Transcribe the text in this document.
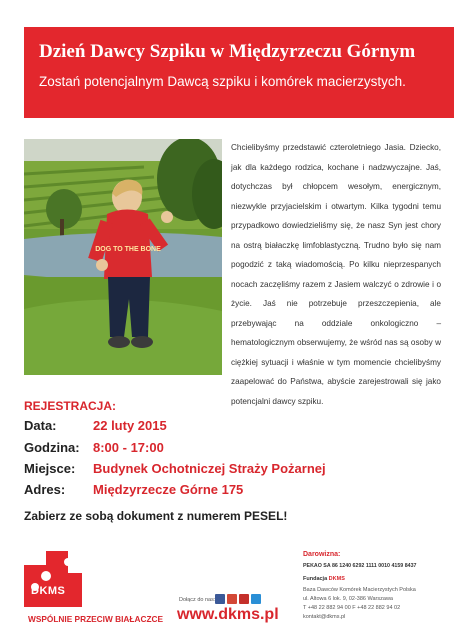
Dzień Dawcy Szpiku w Międzyrzeczu Górnym
Zostań potencjalnym Dawcą szpiku i komórek macierzystych.
DOG TO THE BONE
Chcielibyśmy przedstawić czteroletniego Jasia. Dziecko, jak dla każdego rodzica, kochane i nadzwyczajne. Jaś, dotychczas był chłopcem wesołym, energicznym, niezwykle przyjacielskim i otwartym. Kilka tygodni temu przypadkowo dowiedzieliśmy się, że nasz Syn jest chory na ostrą białaczkę limfoblastyczną. Trudno było się nam pogodzić z taką wiadomością. Po kilku nieprzespanych nocach zaczęliśmy razem z Jasiem walczyć o zdrowie i o życie. Jaś nie potrzebuje przeszczepienia, ale przebywając na oddziale onkologiczno – hematologicznym obserwujemy, że wśród nas są osoby w ciężkiej sytuacji i właśnie w tym momencie chcielibyśmy zaapelować do Państwa, abyście zarejestrowali się jako potencjalni dawcy szpiku.
REJESTRACJA:
Data:	22 luty 2015
Godzina: 8:00 - 17:00
Miejsce: Budynek Ochotniczej Straży Pożarnej
Adres: Międzyrzecze Górne 175
Zabierz ze sobą dokument z numerem PESEL!
DKMS
WSPÓLNIE PRZECIW BIAŁACZCE
Dołącz do nas:
www.dkms.pl
Darowizna:
PEKAO SA 86 1240 6292 1111 0010 4159 8437
Fundacja DKMS
Baza Dawców Komórek Macierzystych Polska
ul. Altowa 6 lok. 9, 02-386 Warszawa
T +48 22 882 94 00 F +48 22 882 94 02
kontakt@dkms.pl
